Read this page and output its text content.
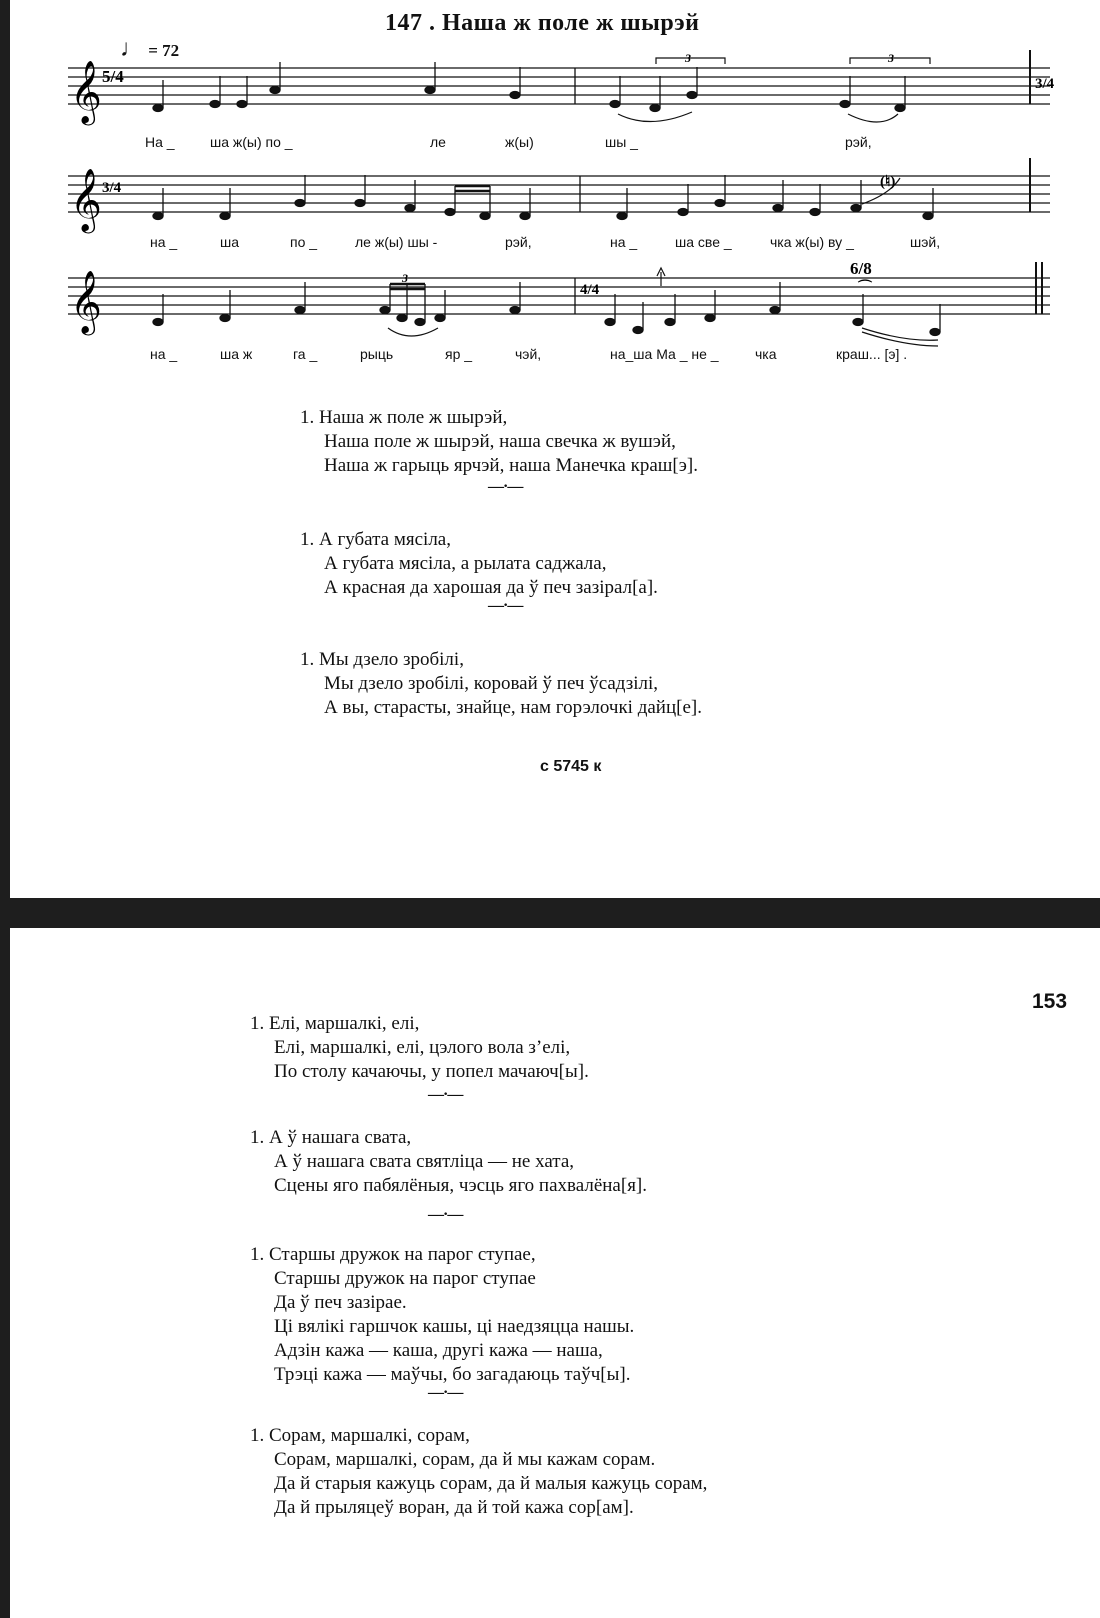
147 . Наша ж поле ж шырэй
♩ = 72
𝄞 5/4	3/4
3	3
На _	ша ж(ы) по _	ле	ж(ы)	шы _	рэй,
𝄞 3/4	(♮)
на _	ша	по _	ле ж(ы) шы -	рэй,	на _	ша све _	чка ж(ы) ву _	шэй,
𝄞	4/4
6/8
3
⌒
на _	ша ж	га _	рыць	яр _	чэй,	на_ша Ма _ не _	чка	краш... [э] .
1. Наша ж поле ж шырэй,
Наша поле ж шырэй, наша свечка ж вушэй,
Наша ж гарыць ярчэй, наша Манечка краш[э].
—·—
1. А губата мясіла,
А губата мясіла, а рылата саджала,
А красная да харошая да ў печ зазірал[а].
—·—
1. Мы дзело зробілі,
Мы дзело зробілі, коровай ў печ ўсадзілі,
А вы, старасты, знайце, нам горэлочкі дайц[е].
с 5745 к
153
1. Елі, маршалкі, елі,
Елі, маршалкі, елі, цэлого вола з’елі,
По столу качаючы, у попел мачаюч[ы].
—·—
1. А ў нашага свата,
А ў нашага свата святліца — не хата,
Сцены яго пабялёныя, чэсць яго пахвалёна[я].
—·—
1. Старшы дружок на парог ступае,
Старшы дружок на парог ступае
Да ў печ зазірае.
Ці вялікі гаршчок кашы, ці наедзяцца нашы.
Адзін кажа — каша, другі кажа — наша,
Трэці кажа — маўчы, бо загадаюць таўч[ы].
—·—
1. Сорам, маршалкі, сорам,
Сорам, маршалкі, сорам, да й мы кажам сорам.
Да й старыя кажуць сорам, да й малыя кажуць сорам,
Да й прыляцеў воран, да й той кажа сор[ам].
